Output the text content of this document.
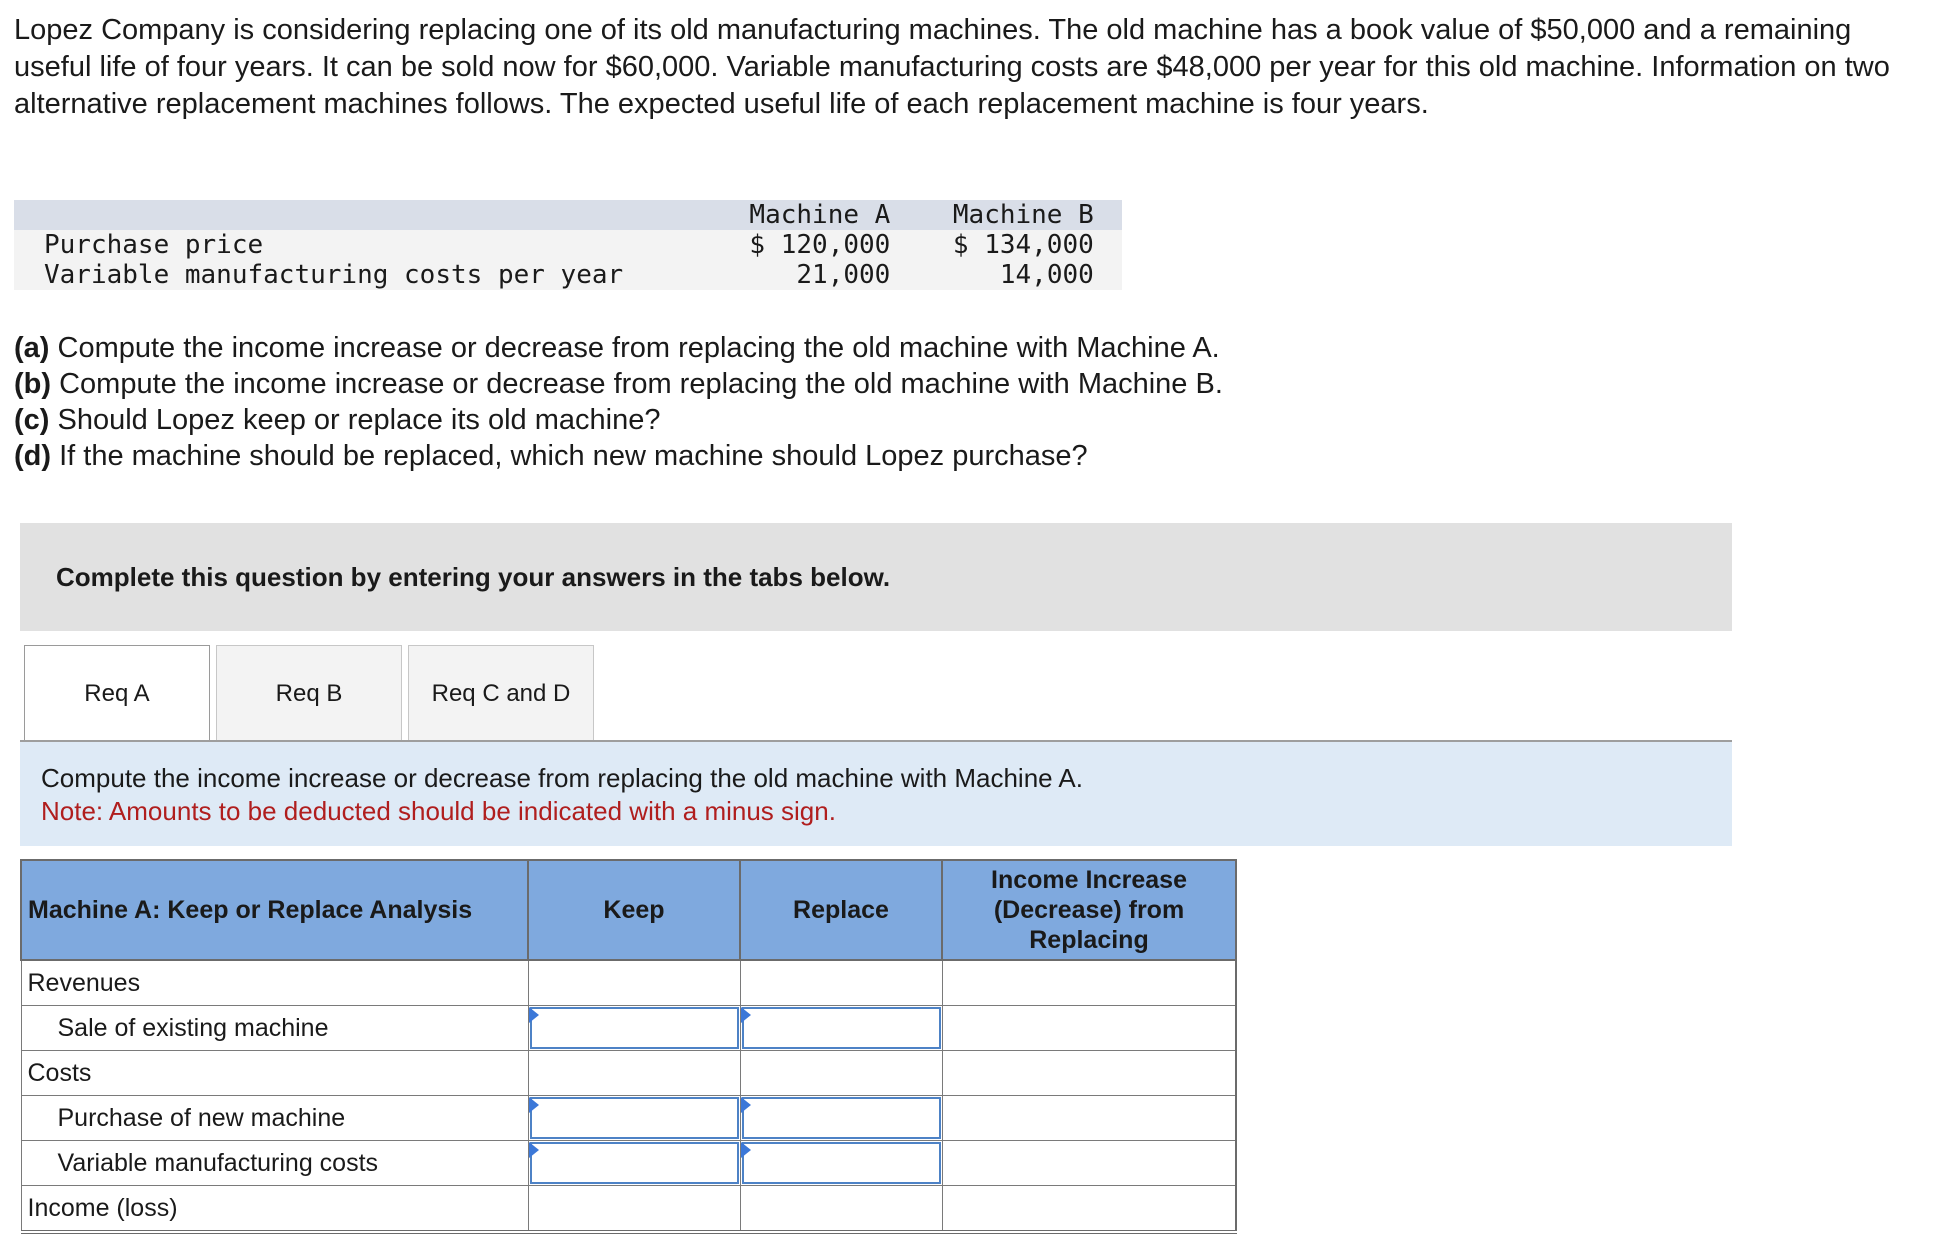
Lopez Company is considering replacing one of its old manufacturing machines. The old machine has a book value of $50,000 and a remaining useful life of four years. It can be sold now for $60,000. Variable manufacturing costs are $48,000 per year for this old machine. Information on two alternative replacement machines follows. The expected useful life of each replacement machine is four years.

	Machine A	Machine B	
Purchase price	$ 120,000	$ 134,000	
Variable manufacturing costs per year	21,000	14,000	
(a) Compute the income increase or decrease from replacing the old machine with Machine A.
(b) Compute the income increase or decrease from replacing the old machine with Machine B.
(c) Should Lopez keep or replace its old machine?
(d) If the machine should be replaced, which new machine should Lopez purchase?
Complete this question by entering your answers in the tabs below.
Req A	Req B	Req C and D
Compute the income increase or decrease from replacing the old machine with Machine A.
Note: Amounts to be deducted should be indicated with a minus sign.
Machine A: Keep or Replace Analysis	Keep	Replace	Income Increase
(Decrease) from
Replacing

Revenues			
Sale of existing machine	

Costs			
Purchase of new machine	

Variable manufacturing costs	

Income (loss)			
